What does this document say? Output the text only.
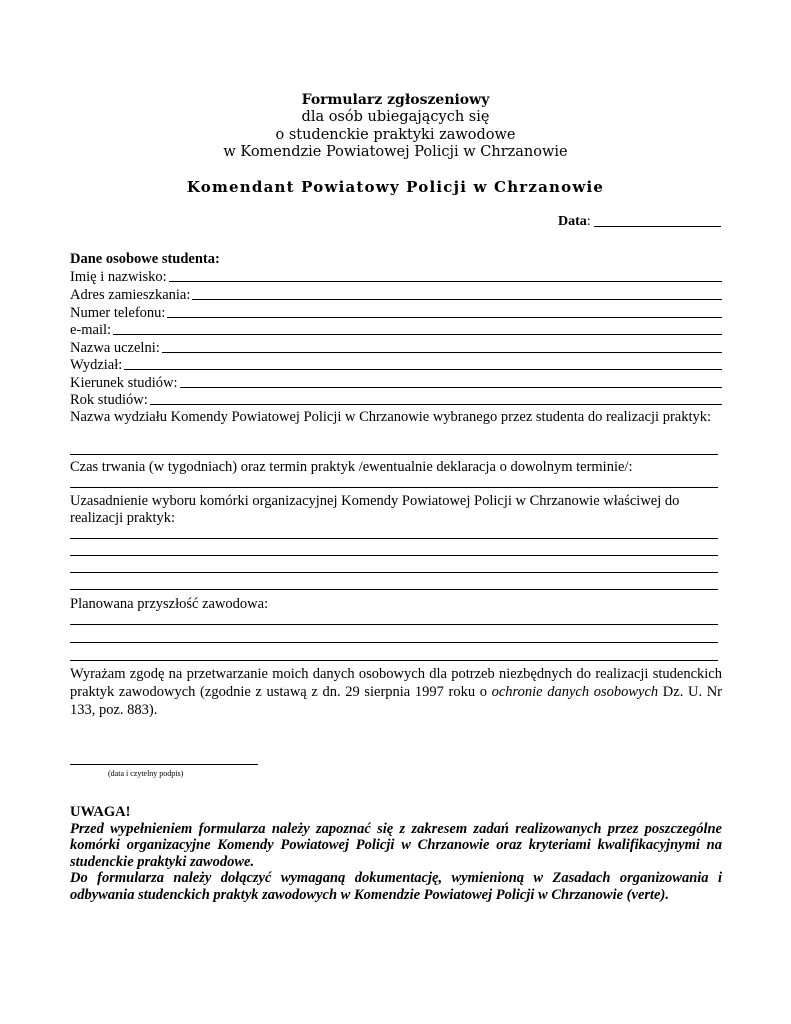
Formularz zgłoszeniowy
dla osób ubiegających się
o studenckie praktyki zawodowe
w Komendzie Powiatowej Policji w Chrzanowie
Komendant Powiatowy Policji w Chrzanowie
Data:
Dane osobowe studenta:
Imię i nazwisko:
Adres zamieszkania:
Numer telefonu:
e-mail:
Nazwa uczelni:
Wydział:
Kierunek studiów:
Rok studiów:
Nazwa wydziału Komendy Powiatowej Policji w Chrzanowie wybranego przez studenta do realizacji praktyk:
Czas trwania (w tygodniach) oraz termin praktyk /ewentualnie deklaracja o dowolnym terminie/:
Uzasadnienie wyboru komórki organizacyjnej Komendy Powiatowej Policji w Chrzanowie właściwej do realizacji praktyk:
Planowana przyszłość zawodowa:
Wyrażam zgodę na przetwarzanie moich danych osobowych dla potrzeb niezbędnych do realizacji studenckich praktyk zawodowych (zgodnie z ustawą z dn. 29 sierpnia 1997 roku o ochronie danych osobowych Dz. U. Nr 133, poz. 883).
(data i czytelny podpis)
UWAGA!
Przed wypełnieniem formularza należy zapoznać się z zakresem zadań realizowanych przez poszczególne komórki organizacyjne Komendy Powiatowej Policji w Chrzanowie oraz kryteriami kwalifikacyjnymi na studenckie praktyki zawodowe.
Do formularza należy dołączyć wymaganą dokumentację, wymienioną w Zasadach organizowania i odbywania studenckich praktyk zawodowych w Komendzie Powiatowej Policji w Chrzanowie (verte).
